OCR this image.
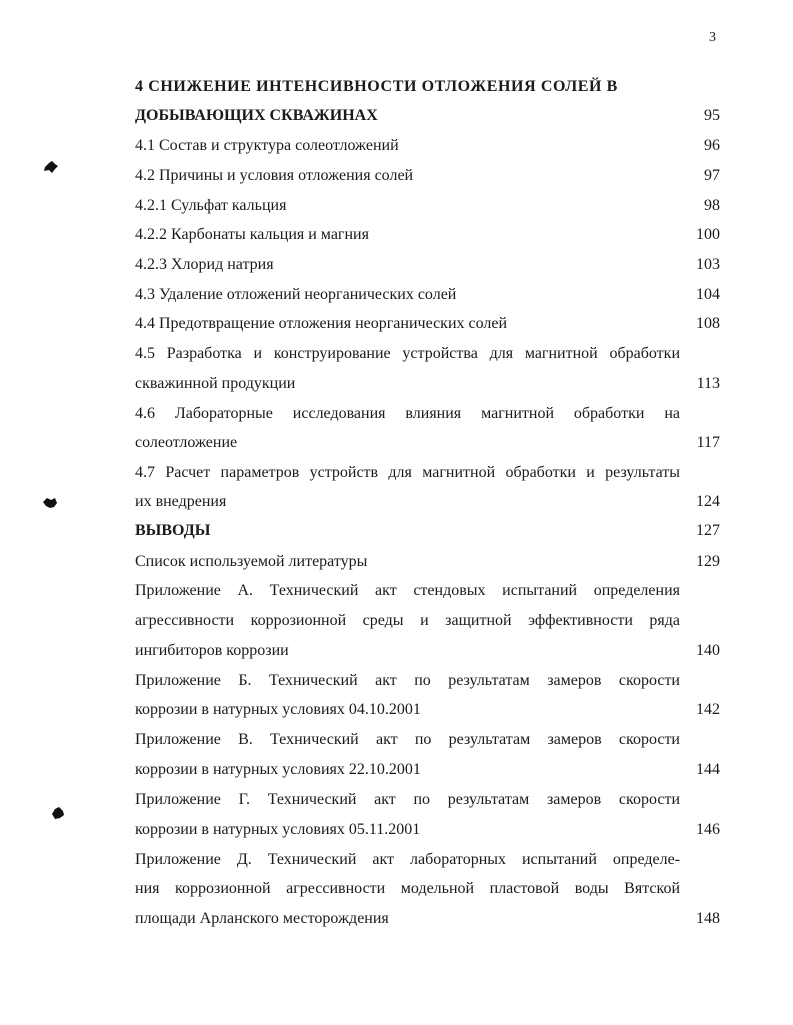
3
4 СНИЖЕНИЕ ИНТЕНСИВНОСТИ ОТЛОЖЕНИЯ СОЛЕЙ В
ДОБЫВАЮЩИХ СКВАЖИНАХ	95
4.1 Состав и структура солеотложений	96
4.2 Причины и условия отложения солей	97
4.2.1 Сульфат кальция	98
4.2.2 Карбонаты кальция и магния	100
4.2.3 Хлорид натрия	103
4.3 Удаление отложений неорганических солей	104
4.4 Предотвращение отложения неорганических солей	108
4.5 Разработка и конструирование устройства для магнитной обработки
скважинной продукции	113
4.6 Лабораторные исследования влияния магнитной обработки на
солеотложение	117
4.7 Расчет параметров устройств для магнитной обработки и результаты
их внедрения	124
ВЫВОДЫ	127
Список используемой литературы	129
Приложение А. Технический акт стендовых испытаний определения
агрессивности коррозионной среды и защитной эффективности ряда
ингибиторов коррозии	140
Приложение Б. Технический акт по результатам замеров скорости
коррозии в натурных условиях 04.10.2001	142
Приложение В. Технический акт по результатам замеров скорости
коррозии в натурных условиях 22.10.2001	144
Приложение Г. Технический акт по результатам замеров скорости
коррозии в натурных условиях 05.11.2001	146
Приложение Д. Технический акт лабораторных испытаний определе-
ния коррозионной агрессивности модельной пластовой воды Вятской
площади Арланского месторождения	148
